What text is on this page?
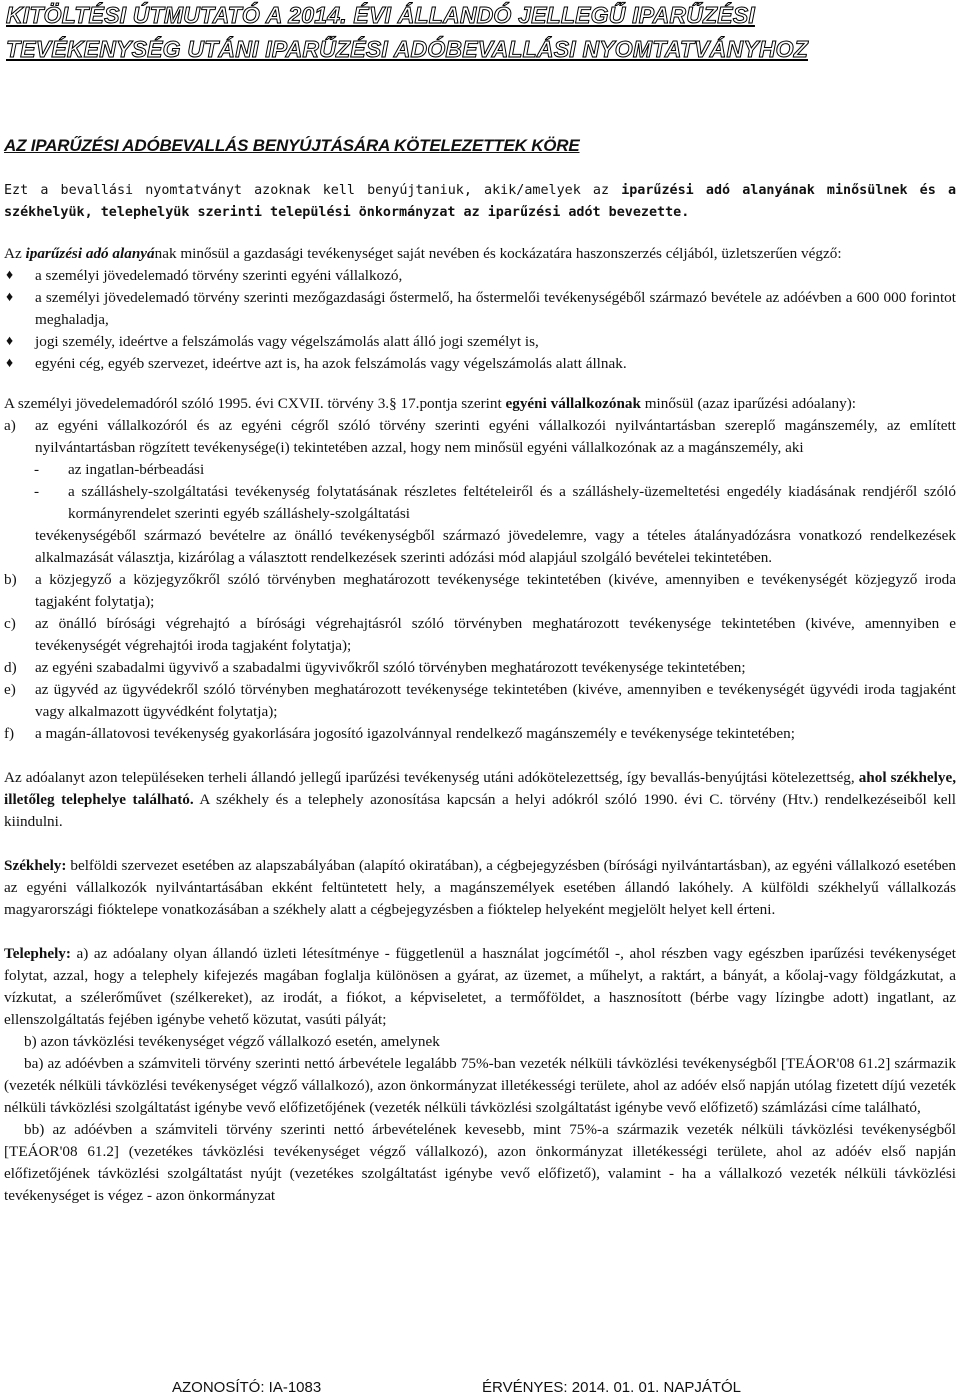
KITÖLTÉSI ÚTMUTATÓ A 2014. ÉVI ÁLLANDÓ JELLEGŰ IPARŰZÉSI
TEVÉKENYSÉG UTÁNI IPARŰZÉSI ADÓBEVALLÁSI NYOMTATVÁNYHOZ
AZ IPARŰZÉSI ADÓBEVALLÁS BENYÚJTÁSÁRA KÖTELEZETTEK KÖRE
Ezt a bevallási nyomtatványt azoknak kell benyújtaniuk, akik/amelyek az iparűzési adó alanyának minősülnek és a székhelyük, telephelyük szerinti települési önkormányzat az iparűzési adót bevezette.

Az iparűzési adó alanyának minősül a gazdasági tevékenységet saját nevében és kockázatára haszonszerzés céljából, üzletszerűen végző:

♦ a személyi jövedelemadó törvény szerinti egyéni vállalkozó,
♦ a személyi jövedelemadó törvény szerinti mezőgazdasági őstermelő, ha őstermelői tevékenységéből származó bevétele az adóévben a 600 000 forintot meghaladja,
♦ jogi személy, ideértve a felszámolás vagy végelszámolás alatt álló jogi személyt is,
♦ egyéni cég, egyéb szervezet, ideértve azt is, ha azok felszámolás vagy végelszámolás alatt állnak.

A személyi jövedelemadóról szóló 1995. évi CXVII. törvény 3.§ 17.pontja szerint egyéni vállalkozónak minősül (azaz iparűzési adóalany):

a) az egyéni vállalkozóról és az egyéni cégről szóló törvény szerinti egyéni vállalkozói nyilvántartásban szereplő magánszemély, az említett nyilvántartásban rögzített tevékenysége(i) tekintetében azzal, hogy nem minősül egyéni vállalkozónak az a magánszemély, aki
- az ingatlan-bérbeadási
- a szálláshely-szolgáltatási tevékenység folytatásának részletes feltételeiről és a szálláshely-üzemeltetési engedély kiadásának rendjéről szóló kormányrendelet szerinti egyéb szálláshely-szolgáltatási
tevékenységéből származó bevételre az önálló tevékenységből származó jövedelemre, vagy a tételes átalányadózásra vonatkozó rendelkezések alkalmazását választja, kizárólag a választott rendelkezések szerinti adózási mód alapjául szolgáló bevételei tekintetében.
b) a közjegyző a közjegyzőkről szóló törvényben meghatározott tevékenysége tekintetében (kivéve, amennyiben e tevékenységét közjegyző iroda tagjaként folytatja);
c) az önálló bírósági végrehajtó a bírósági végrehajtásról szóló törvényben meghatározott tevékenysége tekintetében (kivéve, amennyiben e tevékenységét végrehajtói iroda tagjaként folytatja);
d) az egyéni szabadalmi ügyvivő a szabadalmi ügyvivőkről szóló törvényben meghatározott tevékenysége tekintetében;
e) az ügyvéd az ügyvédekről szóló törvényben meghatározott tevékenysége tekintetében (kivéve, amennyiben e tevékenységét ügyvédi iroda tagjaként vagy alkalmazott ügyvédként folytatja);
f) a magán-állatovosi tevékenység gyakorlására jogosító igazolvánnyal rendelkező magánszemély e tevékenysége tekintetében;

Az adóalanyt azon településeken terheli állandó jellegű iparűzési tevékenység utáni adókötelezettség, így bevallás-benyújtási kötelezettség, ahol székhelye, illetőleg telephelye található. A székhely és a telephely azonosítása kapcsán a helyi adókról szóló 1990. évi C. törvény (Htv.) rendelkezéseiből kell kiindulni.

Székhely: belföldi szervezet esetében az alapszabályában (alapító okiratában), a cégbejegyzésben (bírósági nyilvántartásban), az egyéni vállalkozó esetében az egyéni vállalkozók nyilvántartásában ekként feltüntetett hely, a magánszemélyek esetében állandó lakóhely. A külföldi székhelyű vállalkozás magyarországi fióktelepe vonatkozásában a székhely alatt a cégbejegyzésben a fióktelep helyeként megjelölt helyet kell érteni.

Telephely: a) az adóalany olyan állandó üzleti létesítménye - függetlenül a használat jogcímétől -, ahol részben vagy egészben iparűzési tevékenységet folytat, azzal, hogy a telephely kifejezés magában foglalja különösen a gyárat, az üzemet, a műhelyt, a raktárt, a bányát, a kőolaj-vagy földgázkutat, a vízkutat, a szélerőművet (szélkereket), az irodát, a fiókot, a képviseletet, a termőföldet, a hasznosított (bérbe vagy lízingbe adott) ingatlant, az ellenszolgáltatás fejében igénybe vehető közutat, vasúti pályát;

b) azon távközlési tevékenységet végző vállalkozó esetén, amelynek

ba) az adóévben a számviteli törvény szerinti nettó árbevétele legalább 75%-ban vezeték nélküli távközlési tevékenységből [TEÁOR'08 61.2] származik (vezeték nélküli távközlési tevékenységet végző vállalkozó), azon önkormányzat illetékességi területe, ahol az adóév első napján utólag fizetett díjú vezeték nélküli távközlési szolgáltatást igénybe vevő előfizetőjének (vezeték nélküli távközlési szolgáltatást igénybe vevő előfizető) számlázási címe található,

bb) az adóévben a számviteli törvény szerinti nettó árbevételének kevesebb, mint 75%-a származik vezeték nélküli távközlési tevékenységből [TEÁOR'08 61.2] (vezetékes távközlési tevékenységet végző vállalkozó), azon önkormányzat illetékességi területe, ahol az adóév első napján előfizetőjének távközlési szolgáltatást nyújt (vezetékes szolgáltatást igénybe vevő előfizető), valamint - ha a vállalkozó vezeték nélküli távközlési tevékenységet is végez - azon önkormányzat

AZONOSÍTÓ: IA-1083	ÉRVÉNYES: 2014. 01. 01. NAPJÁTÓL
